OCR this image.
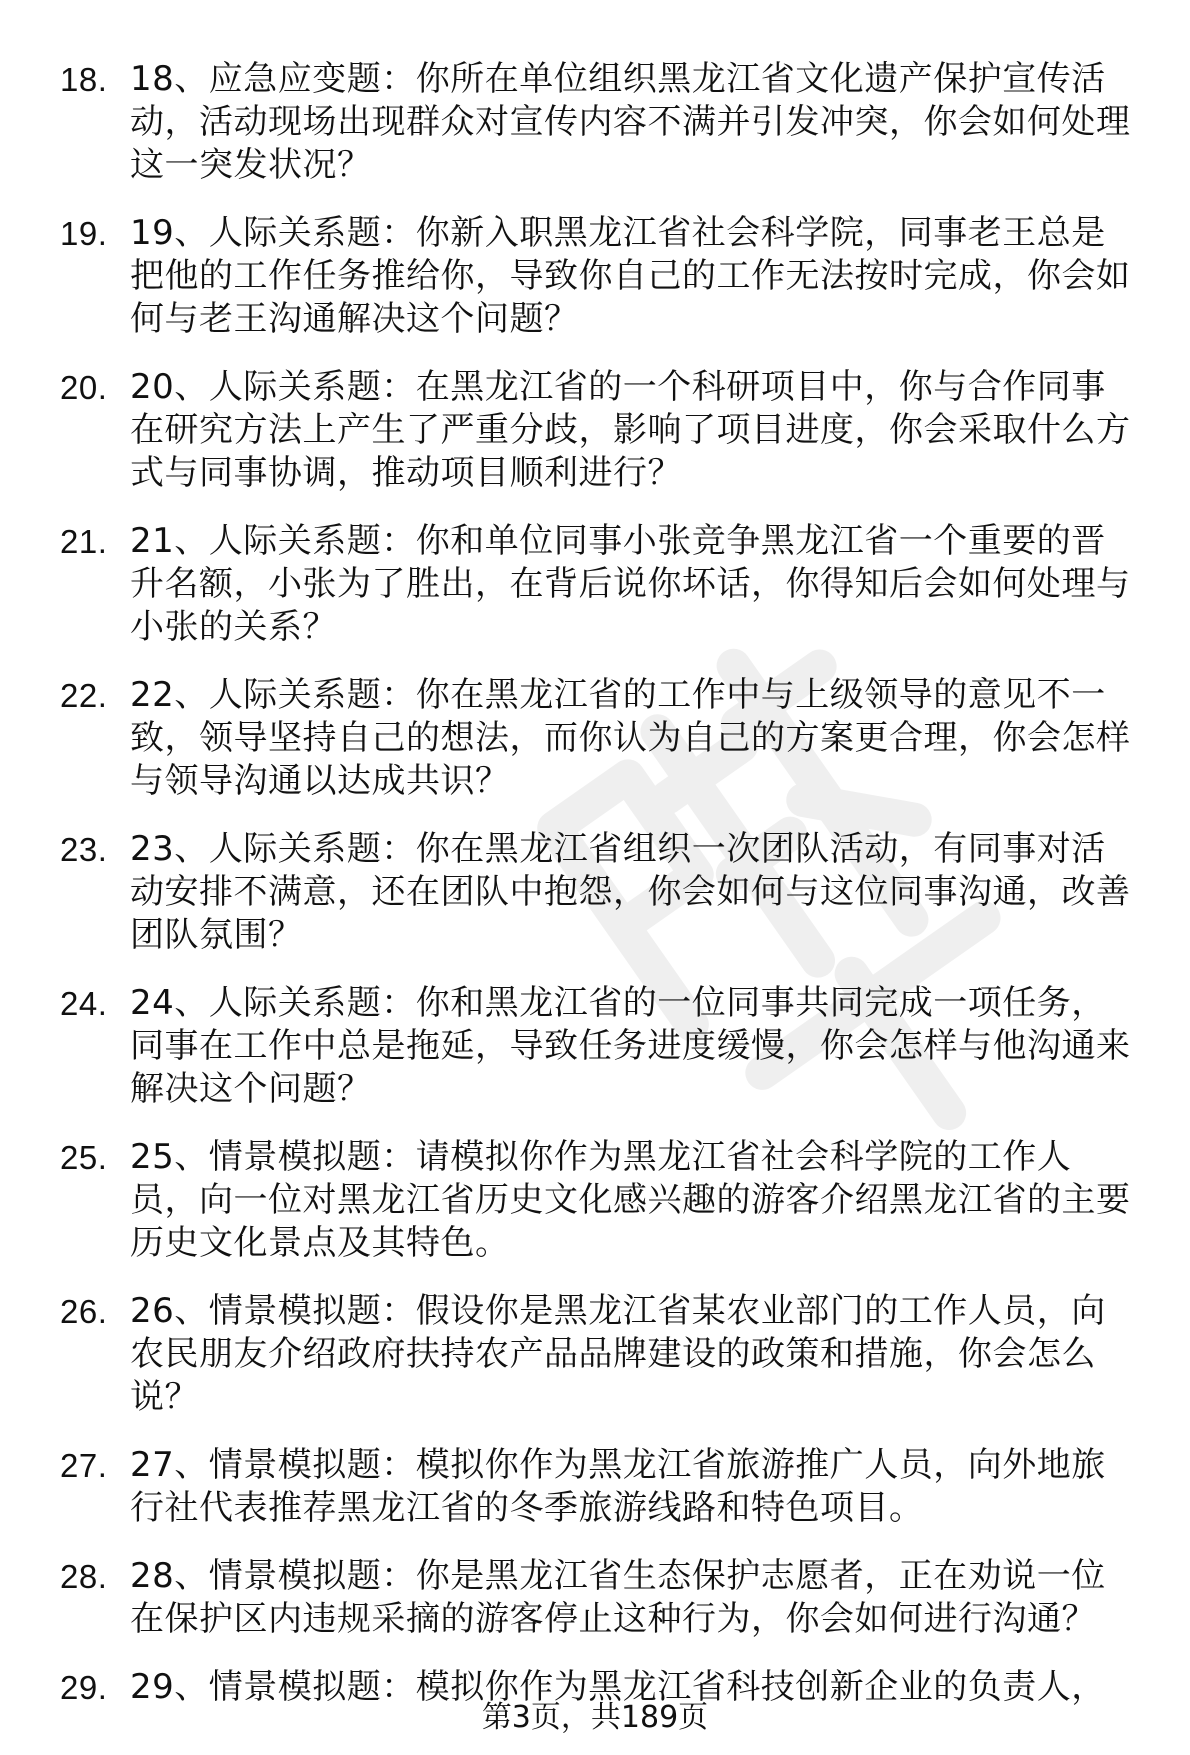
18. 18、应急应变题：你所在单位组织黑龙江省文化遗产保护宣传活动，活动现场出现群众对宣传内容不满并引发冲突，你会如何处理这一突发状况？
19. 19、人际关系题：你新入职黑龙江省社会科学院，同事老王总是把他的工作任务推给你，导致你自己的工作无法按时完成，你会如何与老王沟通解决这个问题？
20. 20、人际关系题：在黑龙江省的一个科研项目中，你与合作同事在研究方法上产生了严重分歧，影响了项目进度，你会采取什么方式与同事协调，推动项目顺利进行？
21. 21、人际关系题：你和单位同事小张竞争黑龙江省一个重要的晋升名额，小张为了胜出，在背后说你坏话，你得知后会如何处理与小张的关系？
22. 22、人际关系题：你在黑龙江省的工作中与上级领导的意见不一致，领导坚持自己的想法，而你认为自己的方案更合理，你会怎样与领导沟通以达成共识？
23. 23、人际关系题：你在黑龙江省组织一次团队活动，有同事对活动安排不满意，还在团队中抱怨，你会如何与这位同事沟通，改善团队氛围？
24. 24、人际关系题：你和黑龙江省的一位同事共同完成一项任务，同事在工作中总是拖延，导致任务进度缓慢，你会怎样与他沟通来解决这个问题？
25. 25、情景模拟题：请模拟你作为黑龙江省社会科学院的工作人员，向一位对黑龙江省历史文化感兴趣的游客介绍黑龙江省的主要历史文化景点及其特色。
26. 26、情景模拟题：假设你是黑龙江省某农业部门的工作人员，向农民朋友介绍政府扶持农产品品牌建设的政策和措施，你会怎么说？
27. 27、情景模拟题：模拟你作为黑龙江省旅游推广人员，向外地旅行社代表推荐黑龙江省的冬季旅游线路和特色项目。
28. 28、情景模拟题：你是黑龙江省生态保护志愿者，正在劝说一位在保护区内违规采摘的游客停止这种行为，你会如何进行沟通？
29. 29、情景模拟题：模拟你作为黑龙江省科技创新企业的负责人，
第3页，共189页
